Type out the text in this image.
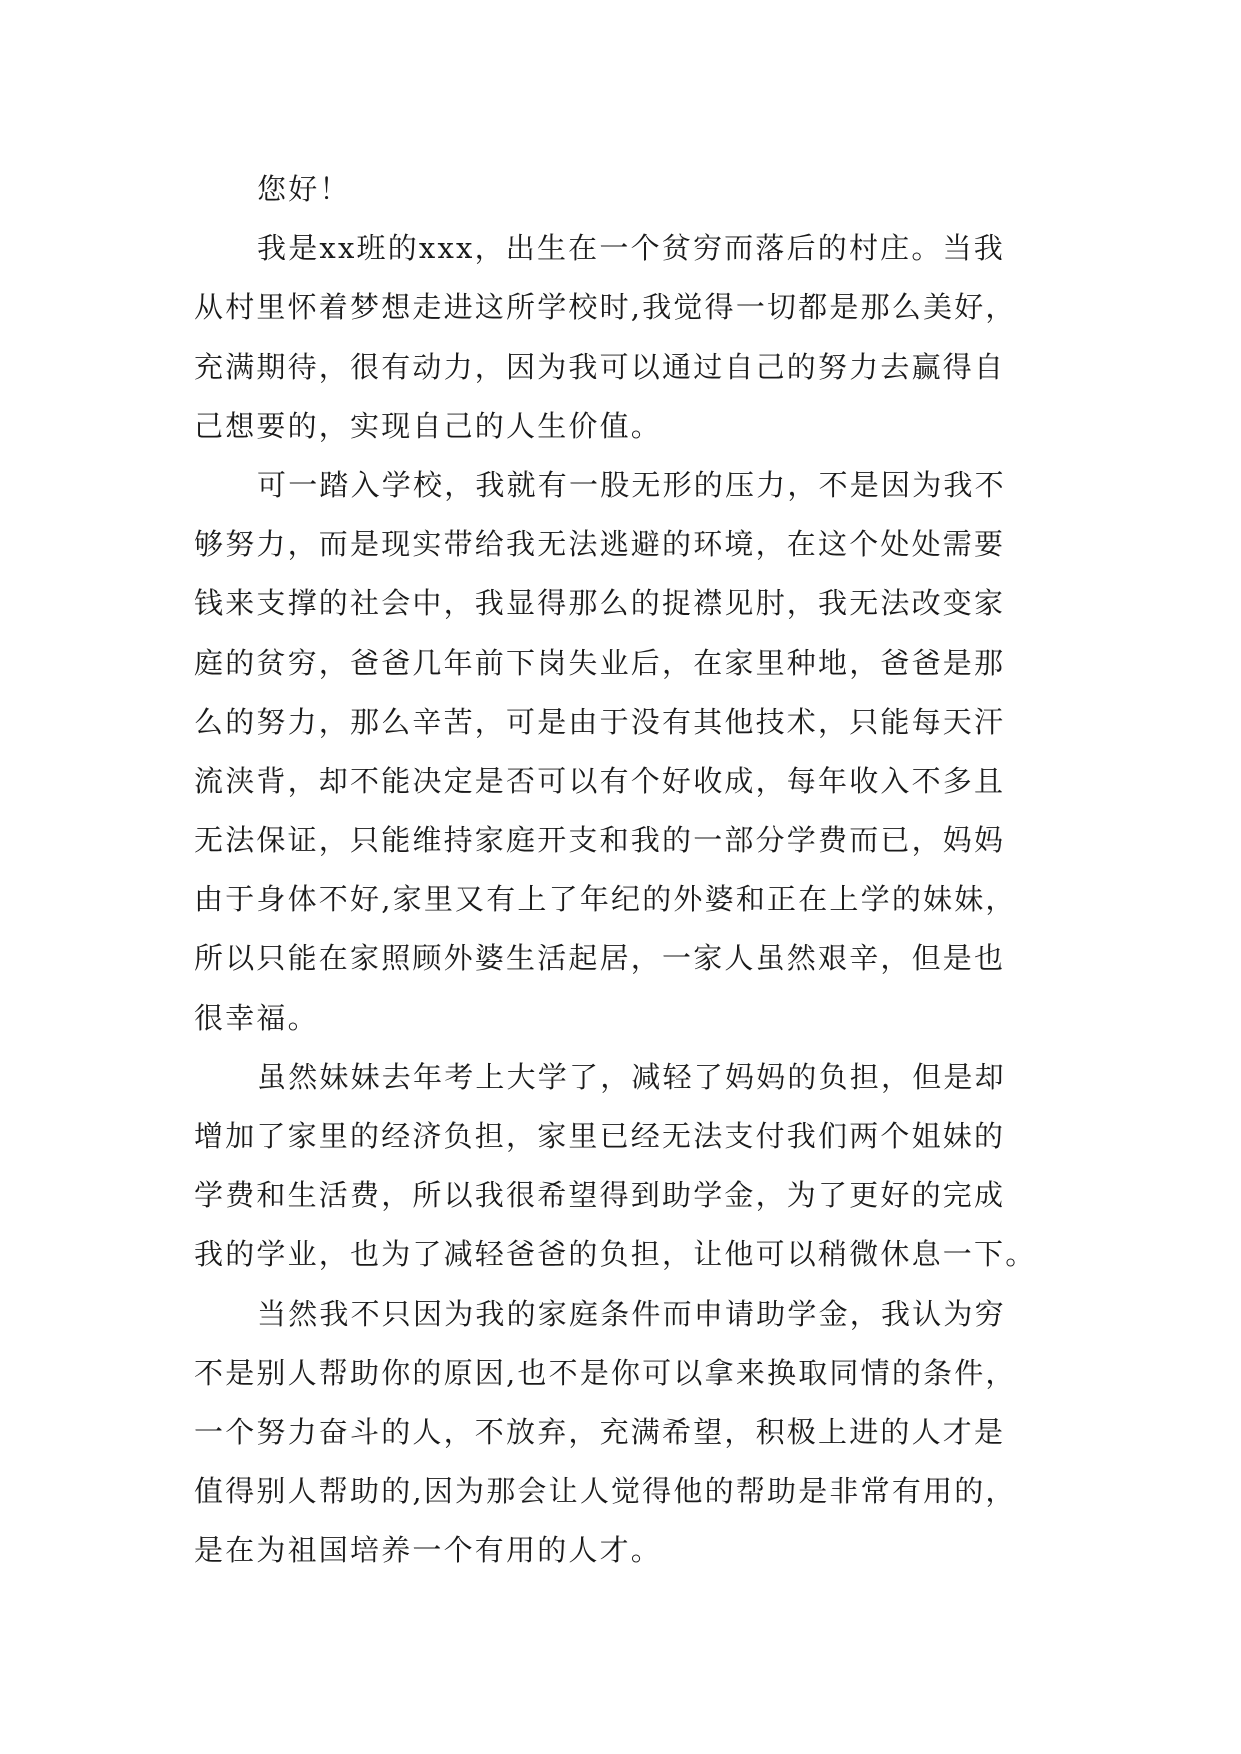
您好！
我是xx班的xxx，出生在一个贫穷而落后的村庄。当我
从村里怀着梦想走进这所学校时,我觉得一切都是那么美好，
充满期待，很有动力，因为我可以通过自己的努力去赢得自
己想要的，实现自己的人生价值。
可一踏入学校，我就有一股无形的压力，不是因为我不
够努力，而是现实带给我无法逃避的环境，在这个处处需要
钱来支撑的社会中，我显得那么的捉襟见肘，我无法改变家
庭的贫穷，爸爸几年前下岗失业后，在家里种地，爸爸是那
么的努力，那么辛苦，可是由于没有其他技术，只能每天汗
流浃背，却不能决定是否可以有个好收成，每年收入不多且
无法保证，只能维持家庭开支和我的一部分学费而已，妈妈
由于身体不好,家里又有上了年纪的外婆和正在上学的妹妹，
所以只能在家照顾外婆生活起居，一家人虽然艰辛，但是也
很幸福。
虽然妹妹去年考上大学了，减轻了妈妈的负担，但是却
增加了家里的经济负担，家里已经无法支付我们两个姐妹的
学费和生活费，所以我很希望得到助学金，为了更好的完成
我的学业，也为了减轻爸爸的负担，让他可以稍微休息一下。
当然我不只因为我的家庭条件而申请助学金，我认为穷
不是别人帮助你的原因,也不是你可以拿来换取同情的条件，
一个努力奋斗的人，不放弃，充满希望，积极上进的人才是
值得别人帮助的,因为那会让人觉得他的帮助是非常有用的，
是在为祖国培养一个有用的人才。
